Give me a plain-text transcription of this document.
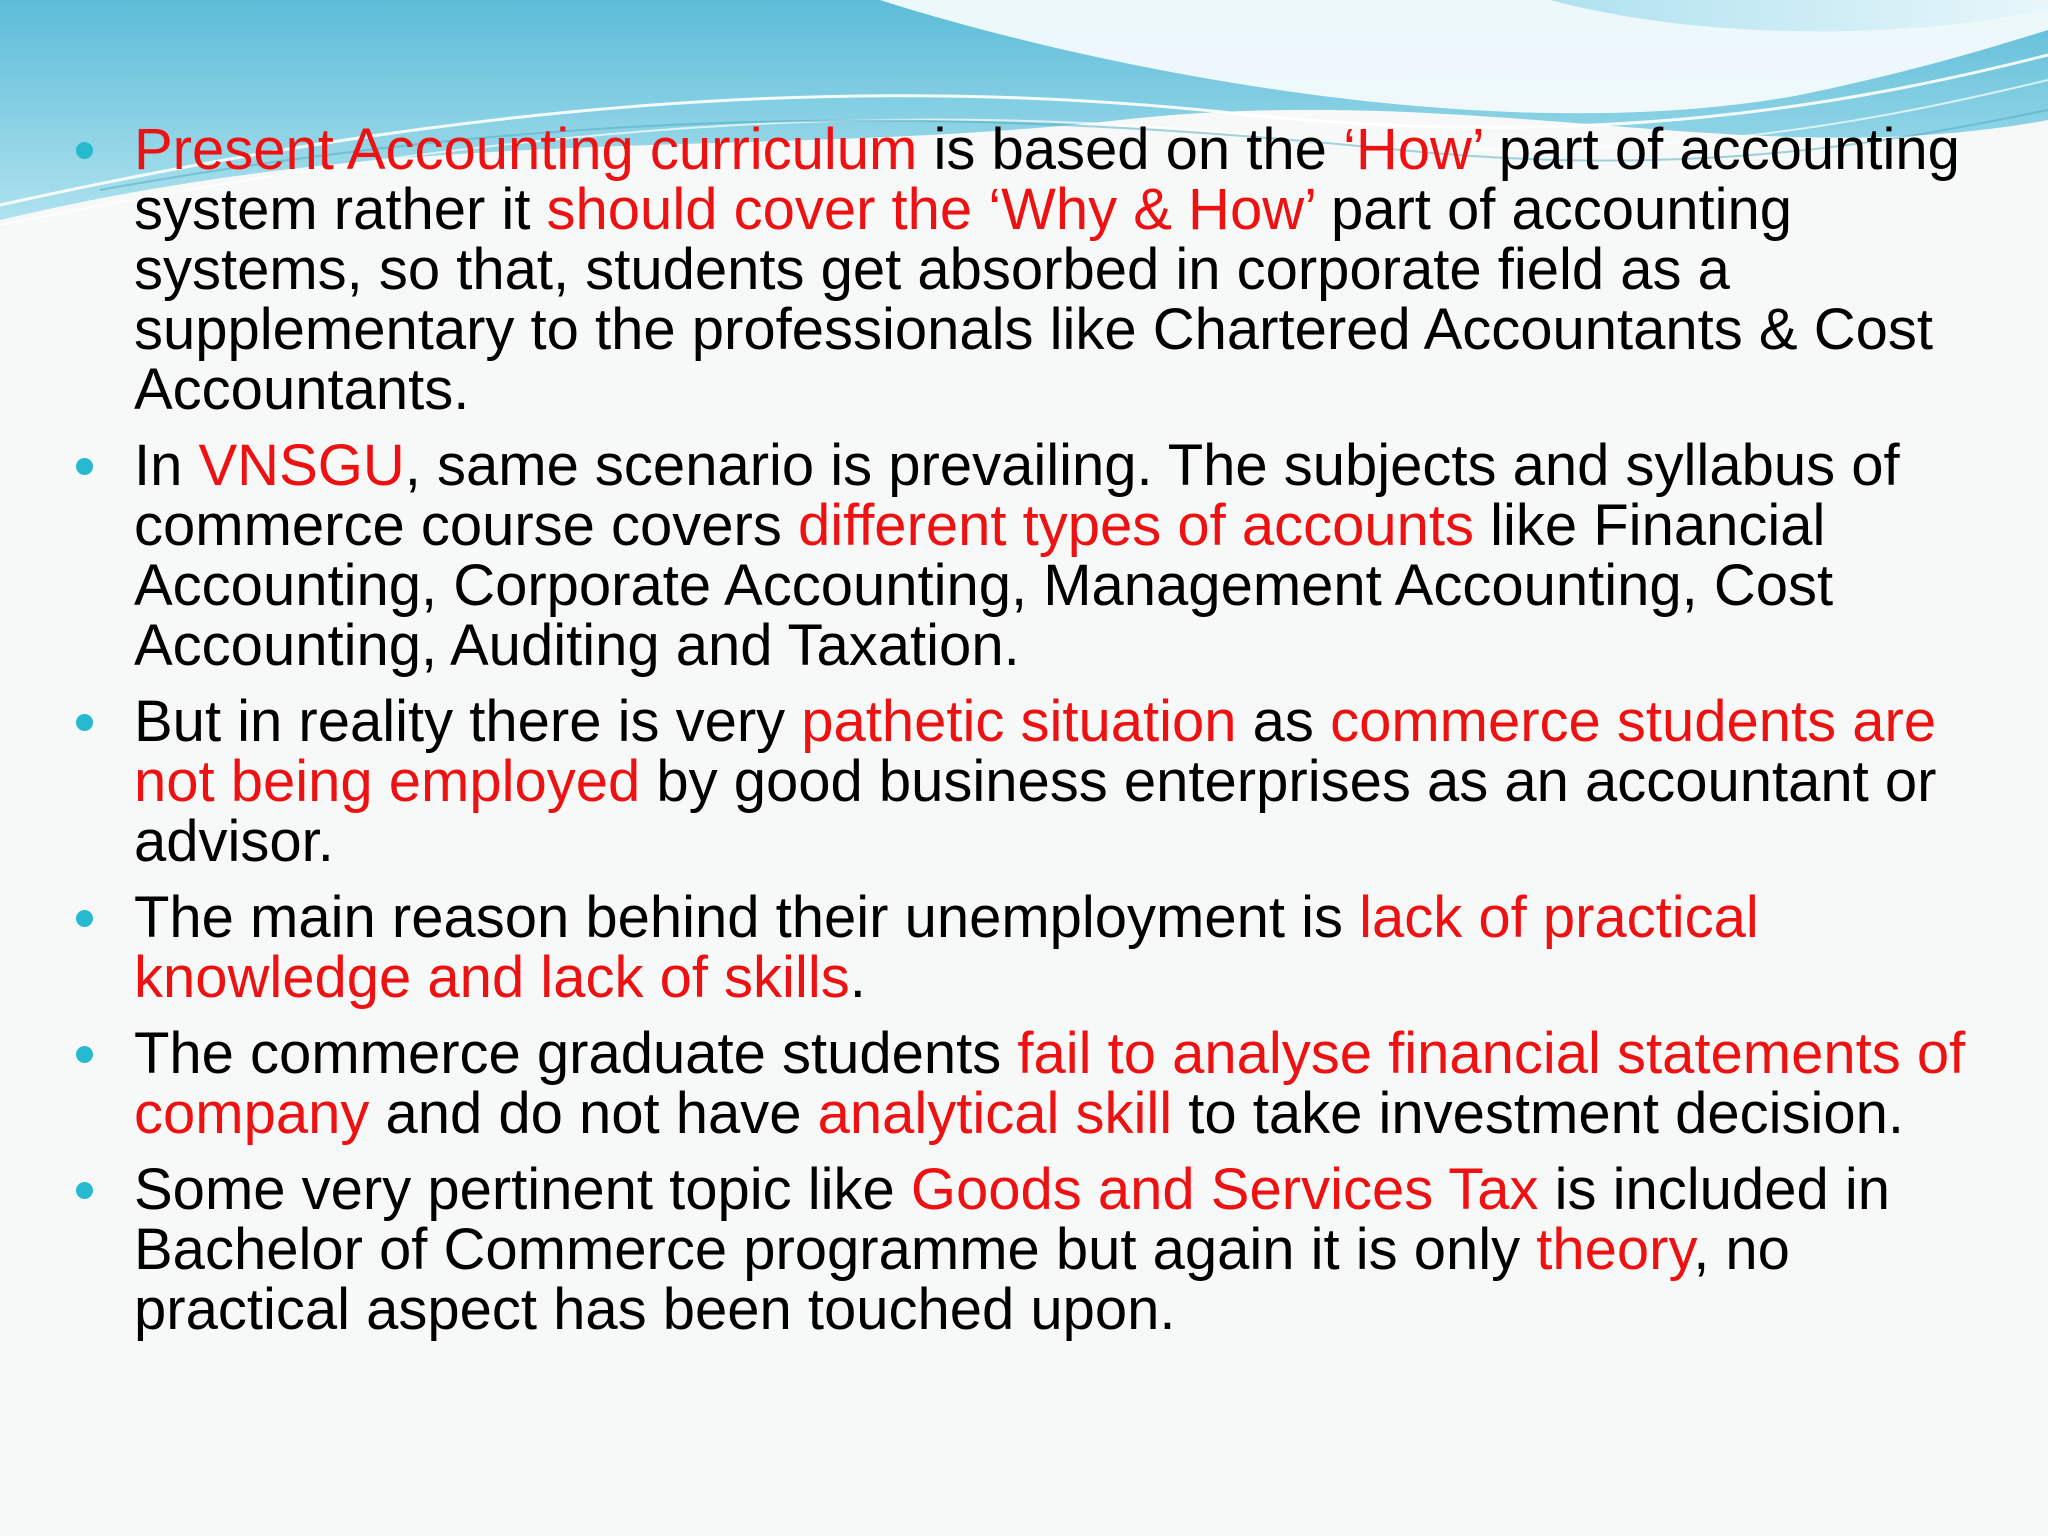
Present Accounting curriculum is based on the ‘How’ part of accounting system rather it should cover the ‘Why & How’ part of accounting systems, so that, students get absorbed in corporate field as a supplementary to the professionals like Chartered Accountants & Cost Accountants.
In VNSGU, same scenario is prevailing. The subjects and syllabus of commerce course covers different types of accounts like Financial Accounting, Corporate Accounting, Management Accounting, Cost Accounting, Auditing and Taxation.
But in reality there is very pathetic situation as commerce students are not being employed by good business enterprises as an accountant or advisor.
The main reason behind their unemployment is lack of practical knowledge and lack of skills.
The commerce graduate students fail to analyse financial statements of company and do not have analytical skill to take investment decision.
Some very pertinent topic like Goods and Services Tax is included in Bachelor of Commerce programme but again it is only theory, no practical aspect has been touched upon.
